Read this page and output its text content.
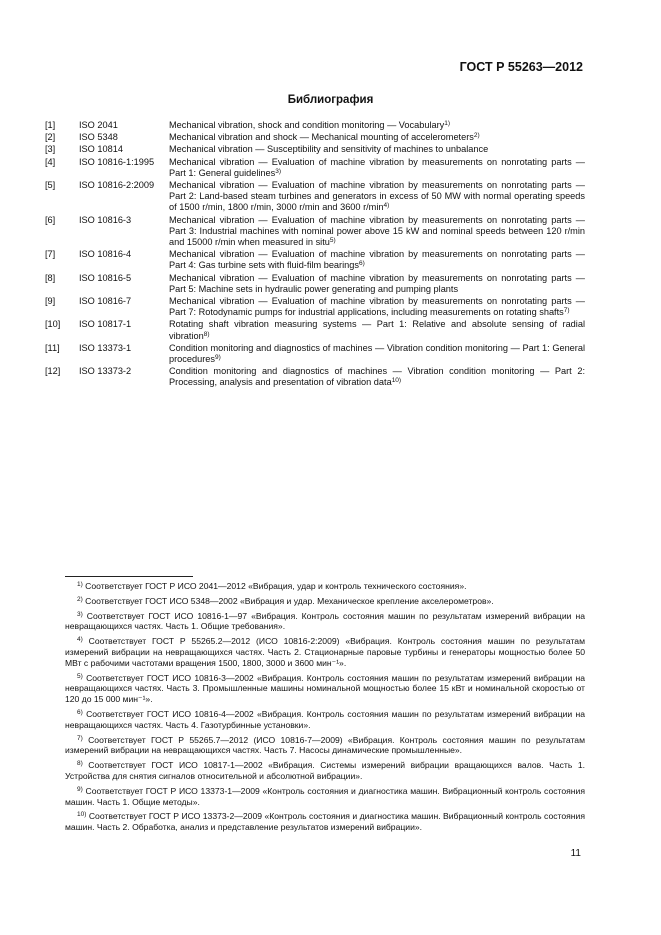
ГОСТ Р 55263—2012
Библиография
[1]	ISO 2041	Mechanical vibration, shock and condition monitoring — Vocabulary$^{1)}$
[2]	ISO 5348	Mechanical vibration and shock — Mechanical mounting of accelerometers$^{2)}$
[3]	ISO 10814	Mechanical vibration — Susceptibility and sensitivity of machines to unbalance
[4]	ISO 10816-1:1995	Mechanical vibration — Evaluation of machine vibration by measurements on nonrotating parts — Part 1: General guidelines$^{3)}$
[5]	ISO 10816-2:2009	Mechanical vibration — Evaluation of machine vibration by measurements on nonrotating parts — Part 2: Land-based steam turbines and generators in excess of 50 MW with normal operating speeds of 1500 r/min, 1800 r/min, 3000 r/min and 3600 $r/\min^{4)}$
[6]	ISO 10816-3	Mechanical vibration — Evaluation of machine vibration by measurements on nonrotating parts — Part 3: Industrial machines with nominal power above 15 kW and nominal speeds between 120 r/min and 15000 r/min when measured in situ$^{5)}$
[7]	ISO 10816-4	Mechanical vibration — Evaluation of machine vibration by measurements on nonrotating parts — Part 4: Gas turbine sets with fluid-film bearings$^{6)}$
[8]	ISO 10816-5	Mechanical vibration — Evaluation of machine vibration by measurements on nonrotating parts — Part 5: Machine sets in hydraulic power generating and pumping plants
[9]	ISO 10816-7	Mechanical vibration — Evaluation of machine vibration by measurements on nonrotating parts — Part 7: Rotodynamic pumps for industrial applications, including measurements on rotating shafts$^{7)}$
[10]	ISO 10817-1	Rotating shaft vibration measuring systems — Part 1: Relative and absolute sensing of radial vibration$^{8)}$
[11]	ISO 13373-1	Condition monitoring and diagnostics of machines — Vibration condition monitoring — Part 1: General procedures$^{9)}$
[12]	ISO 13373-2	Condition monitoring and diagnostics of machines — Vibration condition monitoring — Part 2: Processing, analysis and presentation of vibration data$^{10)}$
$^{1)}$ Соответствует ГОСТ Р ИСО 2041—2012 «Вибрация, удар и контроль технического состояния».
$^{2)}$ Соответствует ГОСТ ИСО 5348—2002 «Вибрация и удар. Механическое крепление акселерометров».
$^{3)}$ Соответствует ГОСТ ИСО 10816-1—97 «Вибрация. Контроль состояния машин по результатам измерений вибрации на невращающихся частях. Часть 1. Общие требования».
$^{4)}$ Соответствует ГОСТ Р 55265.2—2012 (ИСО 10816-2:2009) «Вибрация. Контроль состояния машин по результатам измерений вибрации на невращающихся частях. Часть 2. Стационарные паровые турбины и генераторы мощностью более 50 МВт с рабочими частотами вращения 1500, 1800, 3000 и 3600 мин⁻¹».
$^{5)}$ Соответствует ГОСТ ИСО 10816-3—2002 «Вибрация. Контроль состояния машин по результатам измерений вибрации на невращающихся частях. Часть 3. Промышленные машины номинальной мощностью более 15 кВт и номинальной скоростью от 120 до 15 000 мин⁻¹».
$^{6)}$ Соответствует ГОСТ ИСО 10816-4—2002 «Вибрация. Контроль состояния машин по результатам измерений вибрации на невращающихся частях. Часть 4. Газотурбинные установки».
$^{7)}$ Соответствует ГОСТ Р 55265.7—2012 (ИСО 10816-7—2009) «Вибрация. Контроль состояния машин по результатам измерений вибрации на невращающихся частях. Часть 7. Насосы динамические промышленные».
$^{8)}$ Соответствует ГОСТ ИСО 10817-1—2002 «Вибрация. Системы измерений вибрации вращающихся валов. Часть 1. Устройства для снятия сигналов относительной и абсолютной вибрации».
$^{9)}$ Соответствует ГОСТ Р ИСО 13373-1—2009 «Контроль состояния и диагностика машин. Вибрационный контроль состояния машин. Часть 1. Общие методы».
$^{10)}$ Соответствует ГОСТ Р ИСО 13373-2—2009 «Контроль состояния и диагностика машин. Вибрационный контроль состояния машин. Часть 2. Обработка, анализ и представление результатов измерений вибрации».
11
